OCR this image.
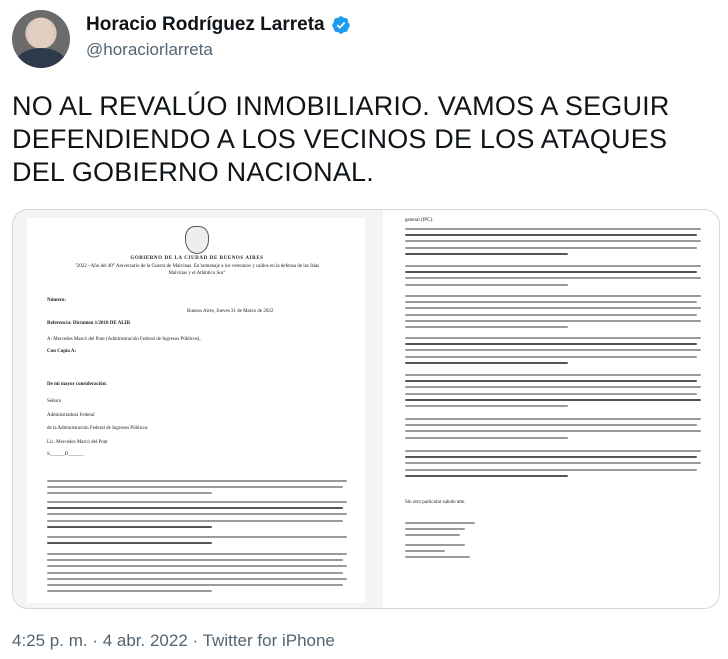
Horacio Rodríguez Larreta
@horaciorlarreta
NO AL REVALÚO INMOBILIARIO. VAMOS A SEGUIR DEFENDIENDO A LOS VECINOS DE LOS ATAQUES DEL GOBIERNO NACIONAL.
GOBIERNO DE LA CIUDAD DE BUENOS AIRES
"2022 - Año del 40° Aniversario de la Guerra de Malvinas. En homenaje a los veteranos y caídos en la defensa de las Islas Malvinas y el Atlántico Sur"
Número:
Buenos Aires, Jueves 31 de Marzo de 2022
Referencia: Dictamen 1/2018 DE ALIR
A: Mercedes Marcó del Pont (Administración Federal de Ingresos Públicos),
Con Copia A:
De mi mayor consideración:
Señora
Administradora Federal
de la Administración Federal de Ingresos Públicos
Lic. Mercedes Marcó del Pont
S______D______
general (IPC).
Sin otro particular saludo atte.
4:25 p. m. · 4 abr. 2022 · Twitter for iPhone
